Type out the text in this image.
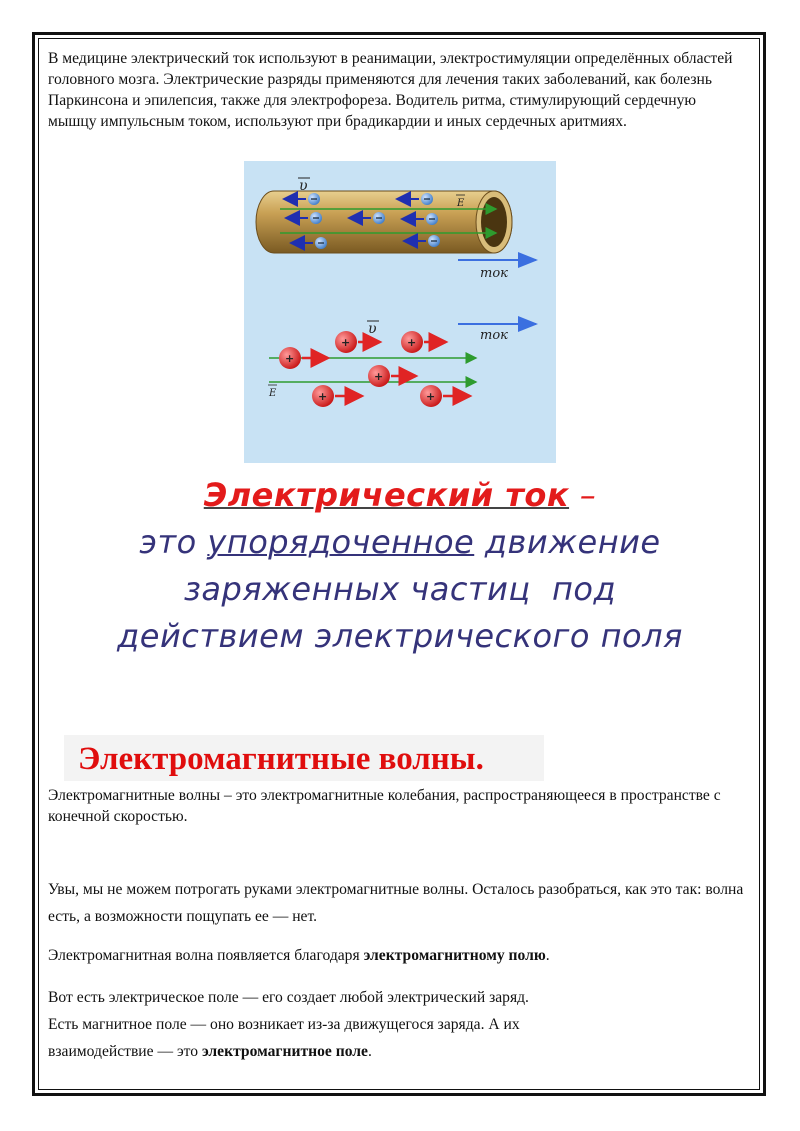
В медицине электрический ток используют в реанимации, электростимуляции определённых областей головного мозга. Электрические разряды применяются для лечения таких заболеваний, как болезнь Паркинсона и эпилепсия, также для электрофореза. Водитель ритма, стимулирующий сердечную мышцу импульсным током, используют при брадикардии и иных сердечных аритмиях.

υ
E
ток
ток
υ
E
+	+
+
+
+	+
Электрический ток –
это упорядоченное движение
заряженных частиц  под
действием электрического поля
Электромагнитные волны.

Электромагнитные волны – это электромагнитные колебания, распространяющееся в пространстве с конечной скоростью.

Увы, мы не можем потрогать руками электромагнитные волны. Осталось разобраться, как это так: волна есть, а возможности пощупать ее — нет.

Электромагнитная волна появляется благодаря электромагнитному полю.

Вот есть электрическое поле — его создает любой электрический заряд.
Есть магнитное поле — оно возникает из-за движущегося заряда. А их
взаимодействие — это электромагнитное поле.
